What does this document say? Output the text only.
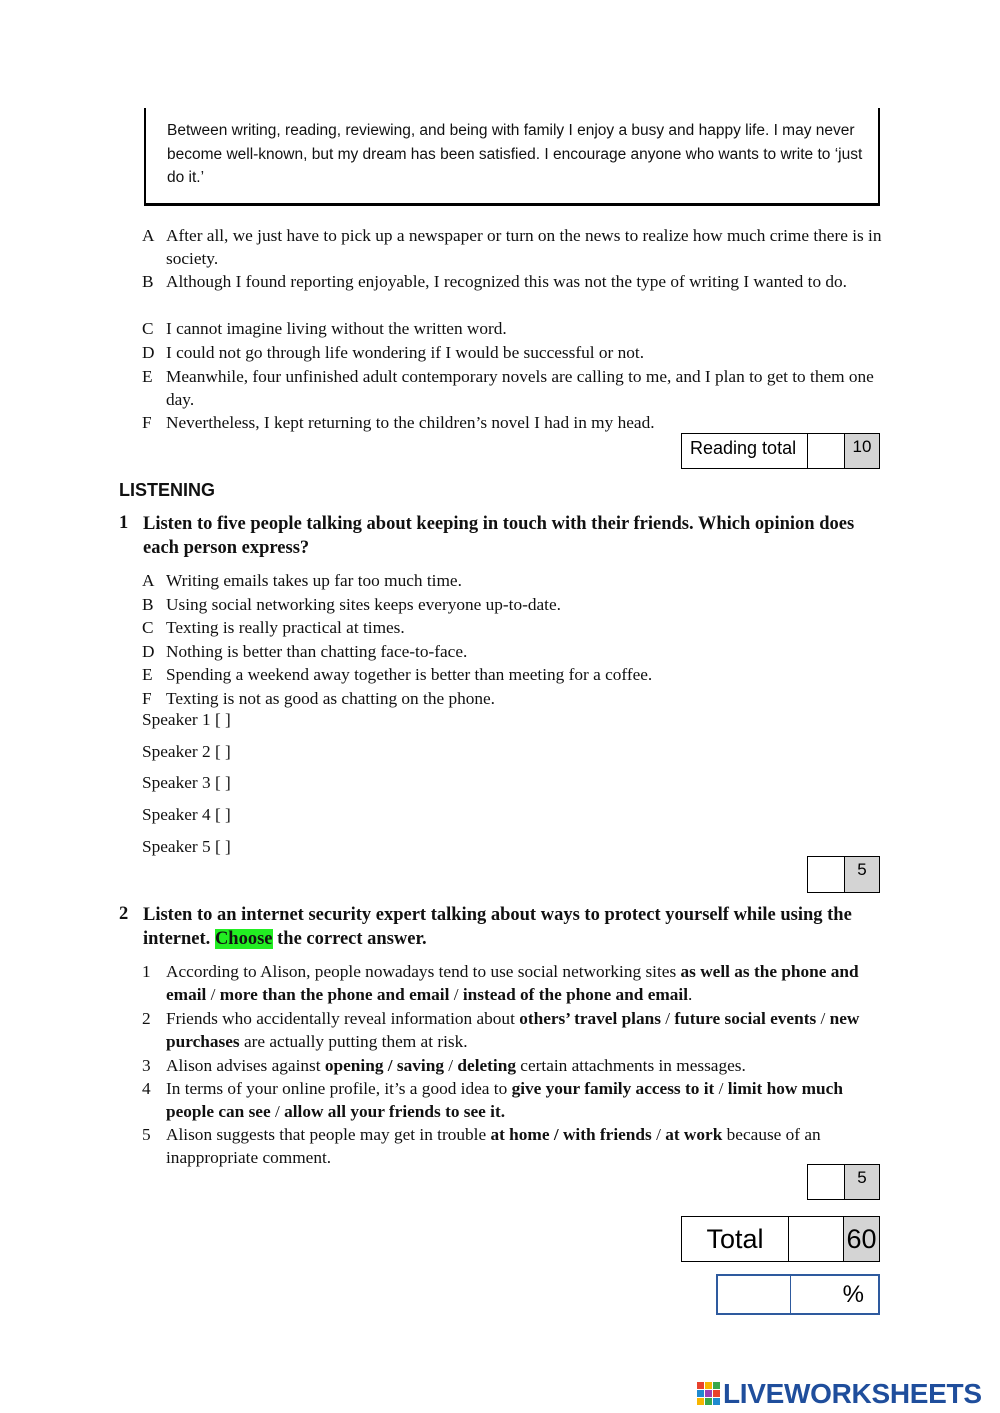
Between writing, reading, reviewing, and being with family I enjoy a busy and happy life. I may never become well-known, but my dream has been satisfied. I encourage anyone who wants to write to ‘just do it.’
A After all, we just have to pick up a newspaper or turn on the news to realize how much crime there is in society.
B Although I found reporting enjoyable, I recognized this was not the type of writing I wanted to do.
C I cannot imagine living without the written word.
D I could not go through life wondering if I would be successful or not.
E Meanwhile, four unfinished adult contemporary novels are calling to me, and I plan to get to them one day.
F Nevertheless, I kept returning to the children’s novel I had in my head.
Reading total	10
LISTENING
1 Listen to five people talking about keeping in touch with their friends. Which opinion does each person express?
A Writing emails takes up far too much time.
B Using social networking sites keeps everyone up-to-date.
C Texting is really practical at times.
D Nothing is better than chatting face-to-face.
E Spending a weekend away together is better than meeting for a coffee.
F Texting is not as good as chatting on the phone.
Speaker 1 [ ]
Speaker 2 [ ]
Speaker 3 [ ]
Speaker 4 [ ]
Speaker 5 [ ]
5
2 Listen to an internet security expert talking about ways to protect yourself while using the internet. Choose the correct answer.
1 According to Alison, people nowadays tend to use social networking sites as well as the phone and email / more than the phone and email / instead of the phone and email.
2 Friends who accidentally reveal information about others’ travel plans / future social events / new purchases are actually putting them at risk.
3 Alison advises against opening / saving / deleting certain attachments in messages.
4 In terms of your online profile, it’s a good idea to give your family access to it / limit how much people can see / allow all your friends to see it.
5 Alison suggests that people may get in trouble at home / with friends / at work because of an inappropriate comment.
5
Total	60
%
LIVEWORKSHEETS
